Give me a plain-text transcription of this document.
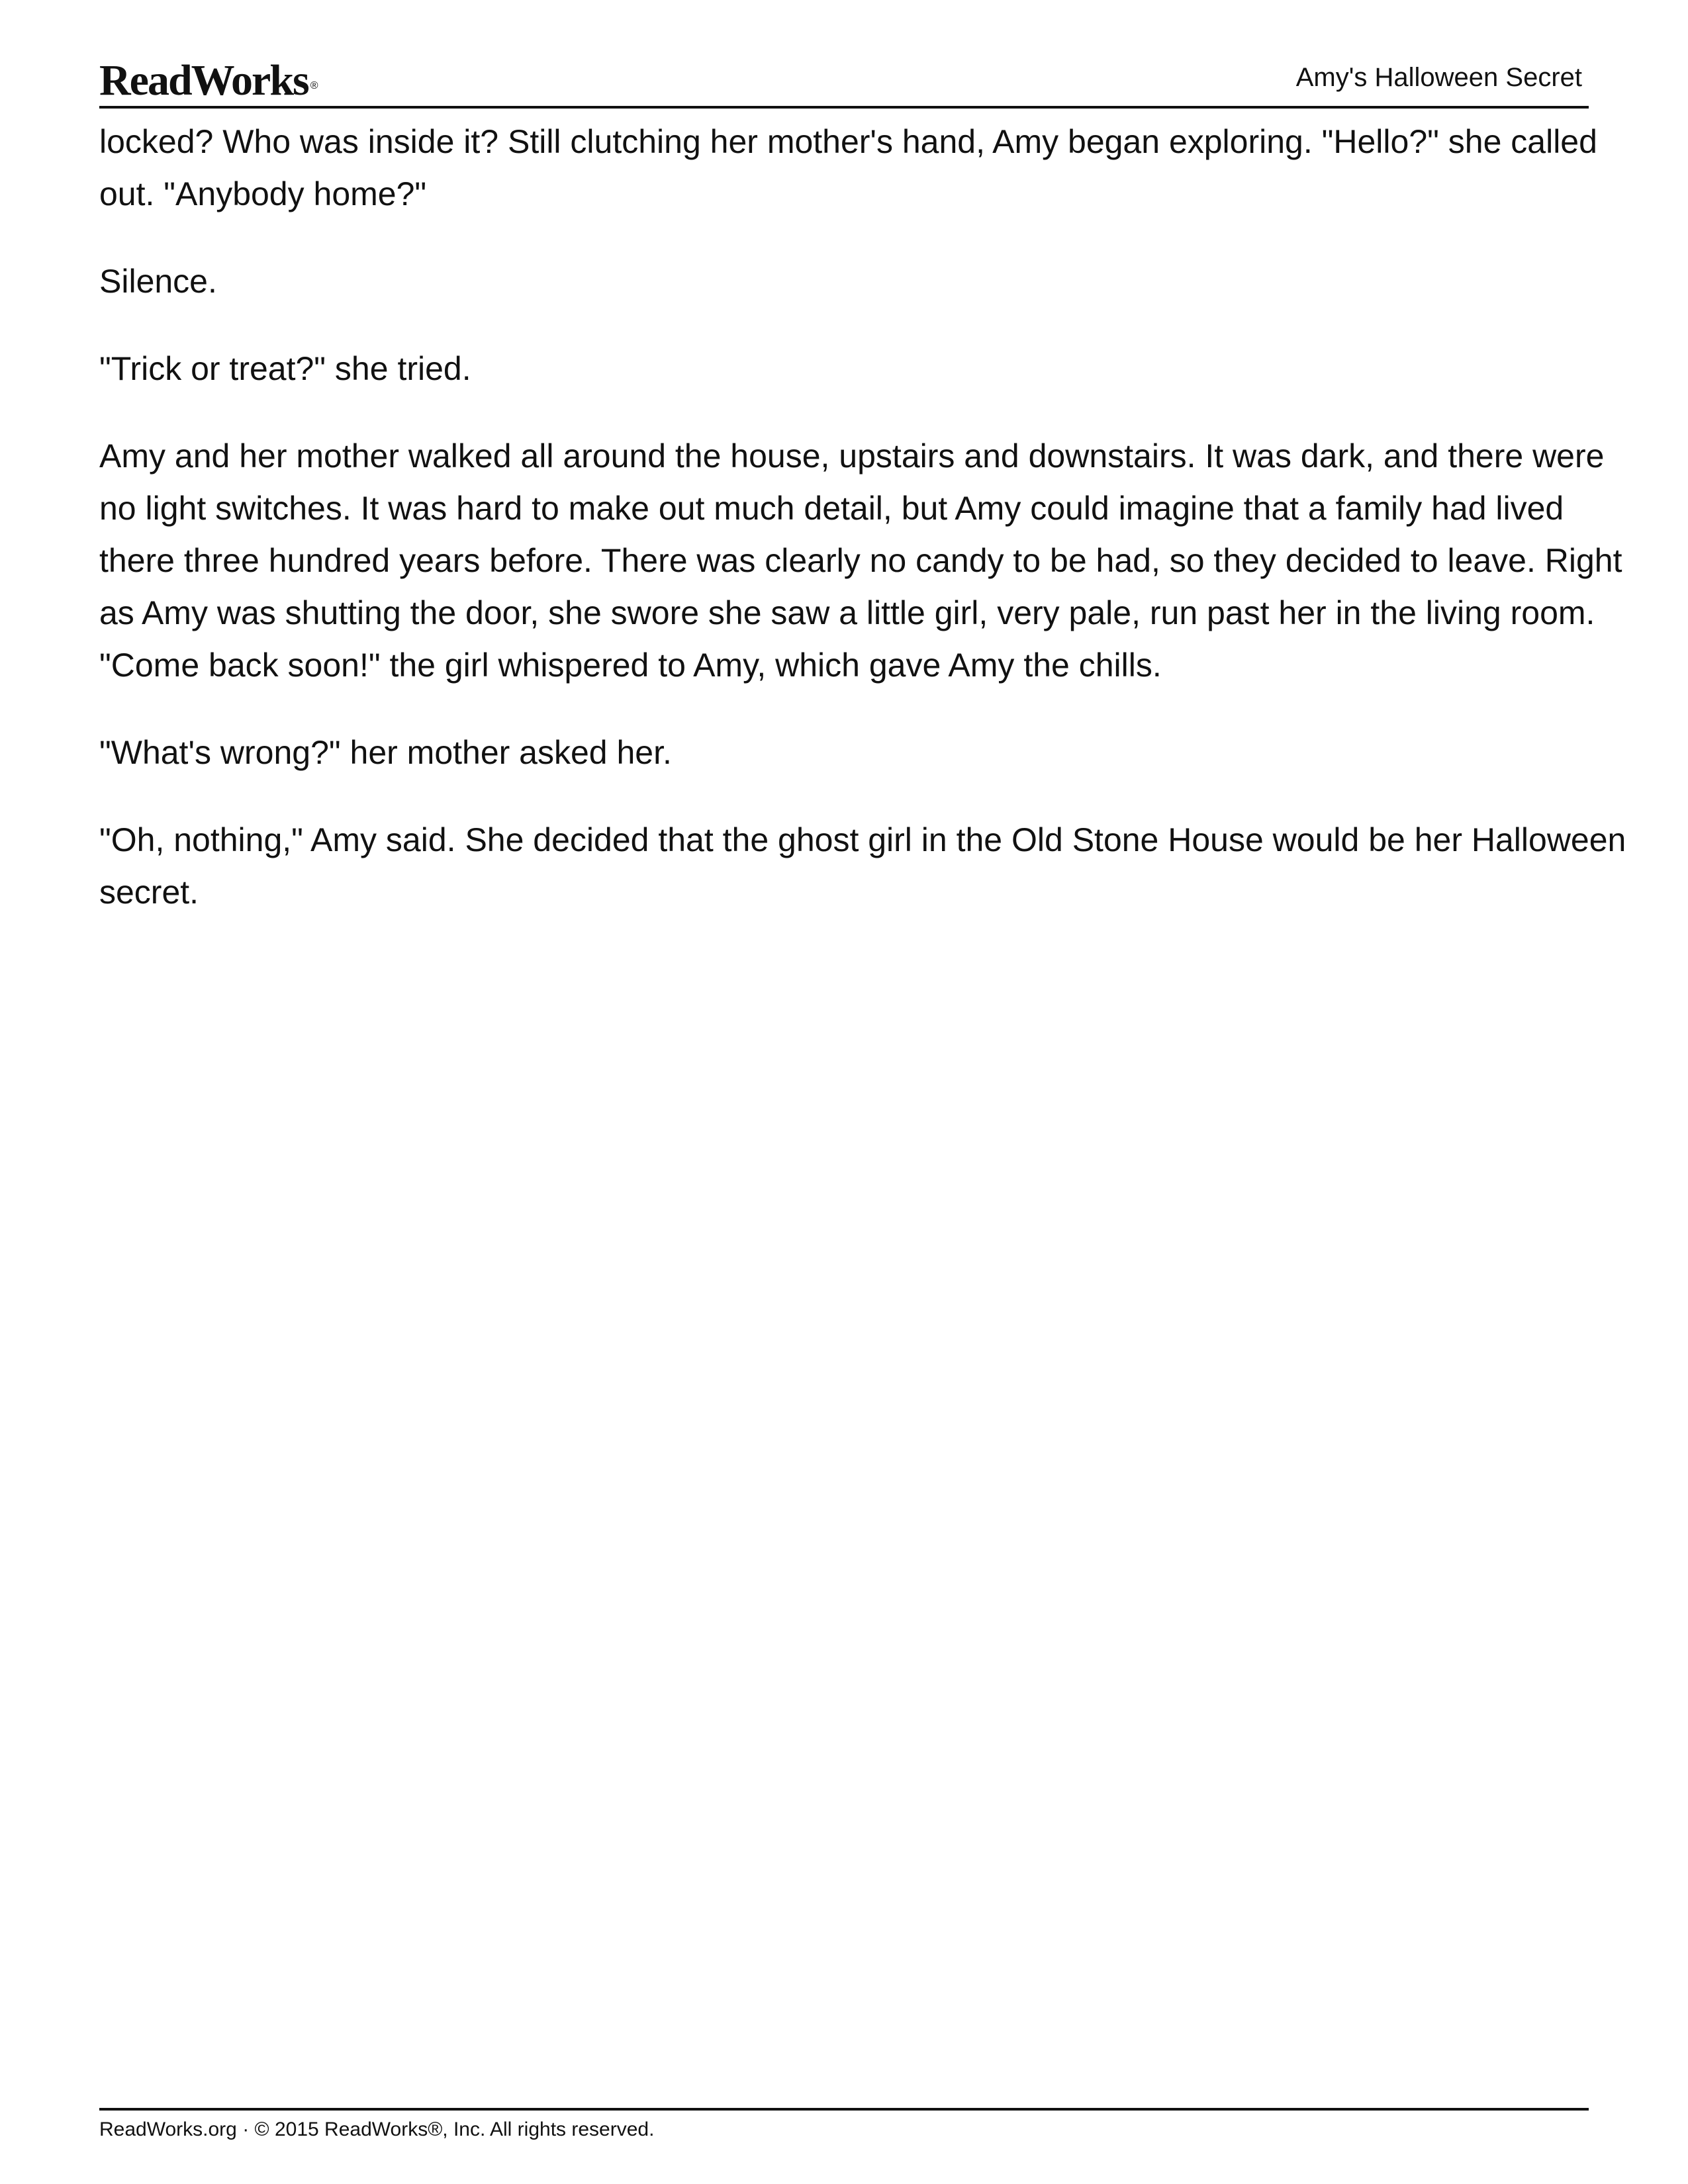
ReadWorks ®	Amy's Halloween Secret

locked? Who was inside it? Still clutching her mother's hand, Amy began exploring. "Hello?" she called out. "Anybody home?"

Silence.

"Trick or treat?" she tried.

Amy and her mother walked all around the house, upstairs and downstairs. It was dark, and there were no light switches. It was hard to make out much detail, but Amy could imagine that a family had lived there three hundred years before. There was clearly no candy to be had, so they decided to leave. Right as Amy was shutting the door, she swore she saw a little girl, very pale, run past her in the living room. "Come back soon!" the girl whispered to Amy, which gave Amy the chills.

"What's wrong?" her mother asked her.

"Oh, nothing," Amy said. She decided that the ghost girl in the Old Stone House would be her Halloween secret.

ReadWorks.org · © 2015 ReadWorks®, Inc. All rights reserved.
